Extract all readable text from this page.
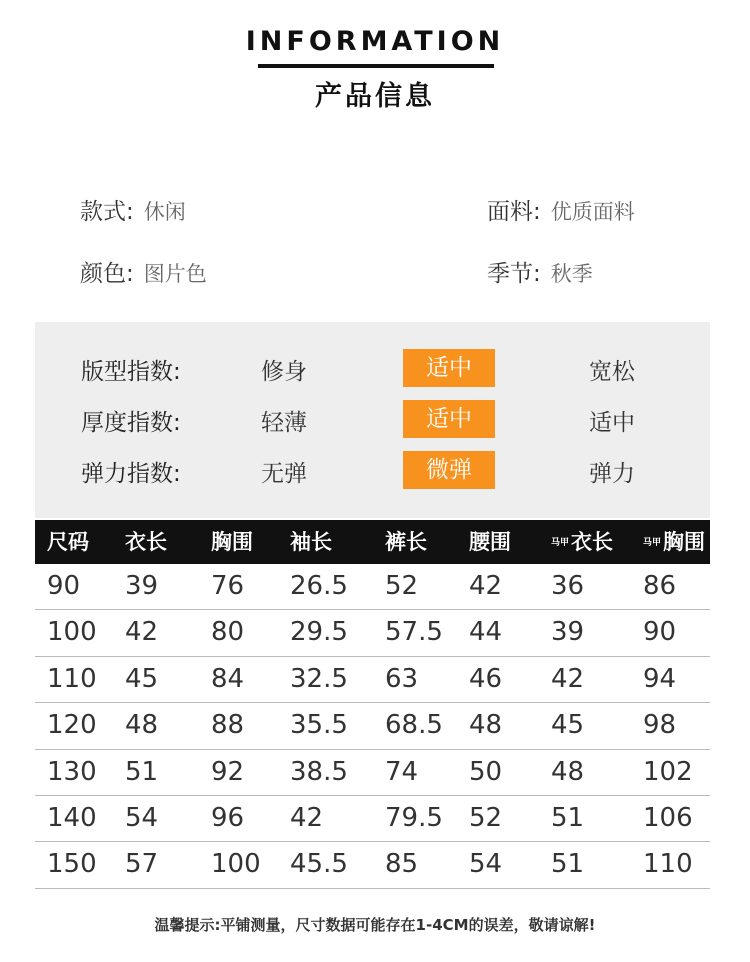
INFORMATION
产品信息
款式: 休闲	面料: 优质面料
颜色: 图片色	季节: 秋季
版型指数:	修身	适中	宽松
厚度指数:	轻薄	适中	适中
弹力指数:	无弹	微弹	弹力
尺码 衣长 胸围 袖长	裤长 腰围	马甲衣长	马甲胸围
90 39 76 26.5 52 42 36 86
100 42 80 29.5 57.5 44 39 90
110 45 84 32.5 63 46 42 94
120 48 88 35.5 68.5 48 45 98
130 51 92 38.5 74 50 48 102
140 54 96 42 79.5 52 51 106
150 57 100 45.5 85 54 51 110
温馨提示:平铺测量，尺寸数据可能存在1-4CM的误差，敬请谅解!
